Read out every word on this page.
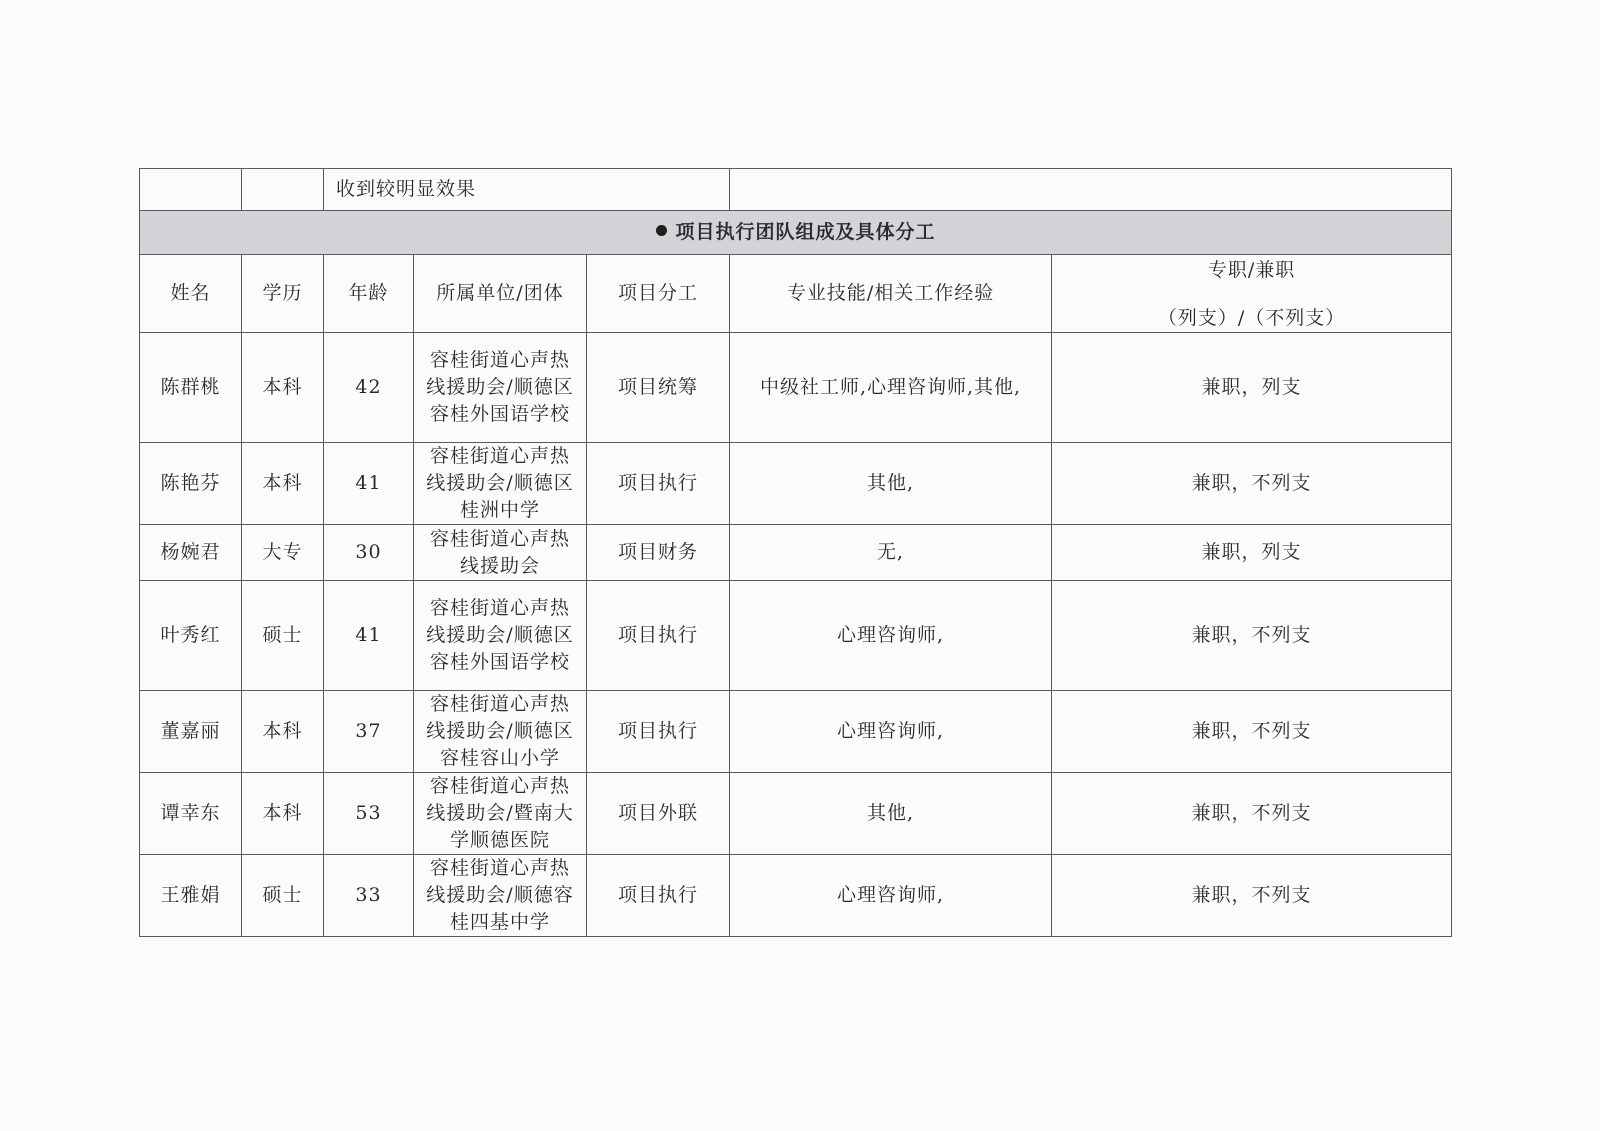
		收到较明显效果				
项目执行团队组成及具体分工						
姓名	学历	年龄	所属单位/团体	项目分工	专业技能/相关工作经验	专职/兼职
（列支）/（不列支）

陈群桃	本科	42	容桂街道心声热线援助会/顺德区容桂外国语学校	项目统筹	中级社工师,心理咨询师,其他,	兼职，列支
陈艳芬	本科	41	容桂街道心声热线援助会/顺德区桂洲中学	项目执行	其他,	兼职，不列支
杨婉君	大专	30	容桂街道心声热线援助会	项目财务	无,	兼职，列支
叶秀红	硕士	41	容桂街道心声热线援助会/顺德区容桂外国语学校	项目执行	心理咨询师,	兼职，不列支
董嘉丽	本科	37	容桂街道心声热线援助会/顺德区容桂容山小学	项目执行	心理咨询师,	兼职，不列支
谭幸东	本科	53	容桂街道心声热线援助会/暨南大学顺德医院	项目外联	其他,	兼职，不列支
王雅娟	硕士	33	容桂街道心声热线援助会/顺德容桂四基中学	项目执行	心理咨询师,	兼职，不列支
